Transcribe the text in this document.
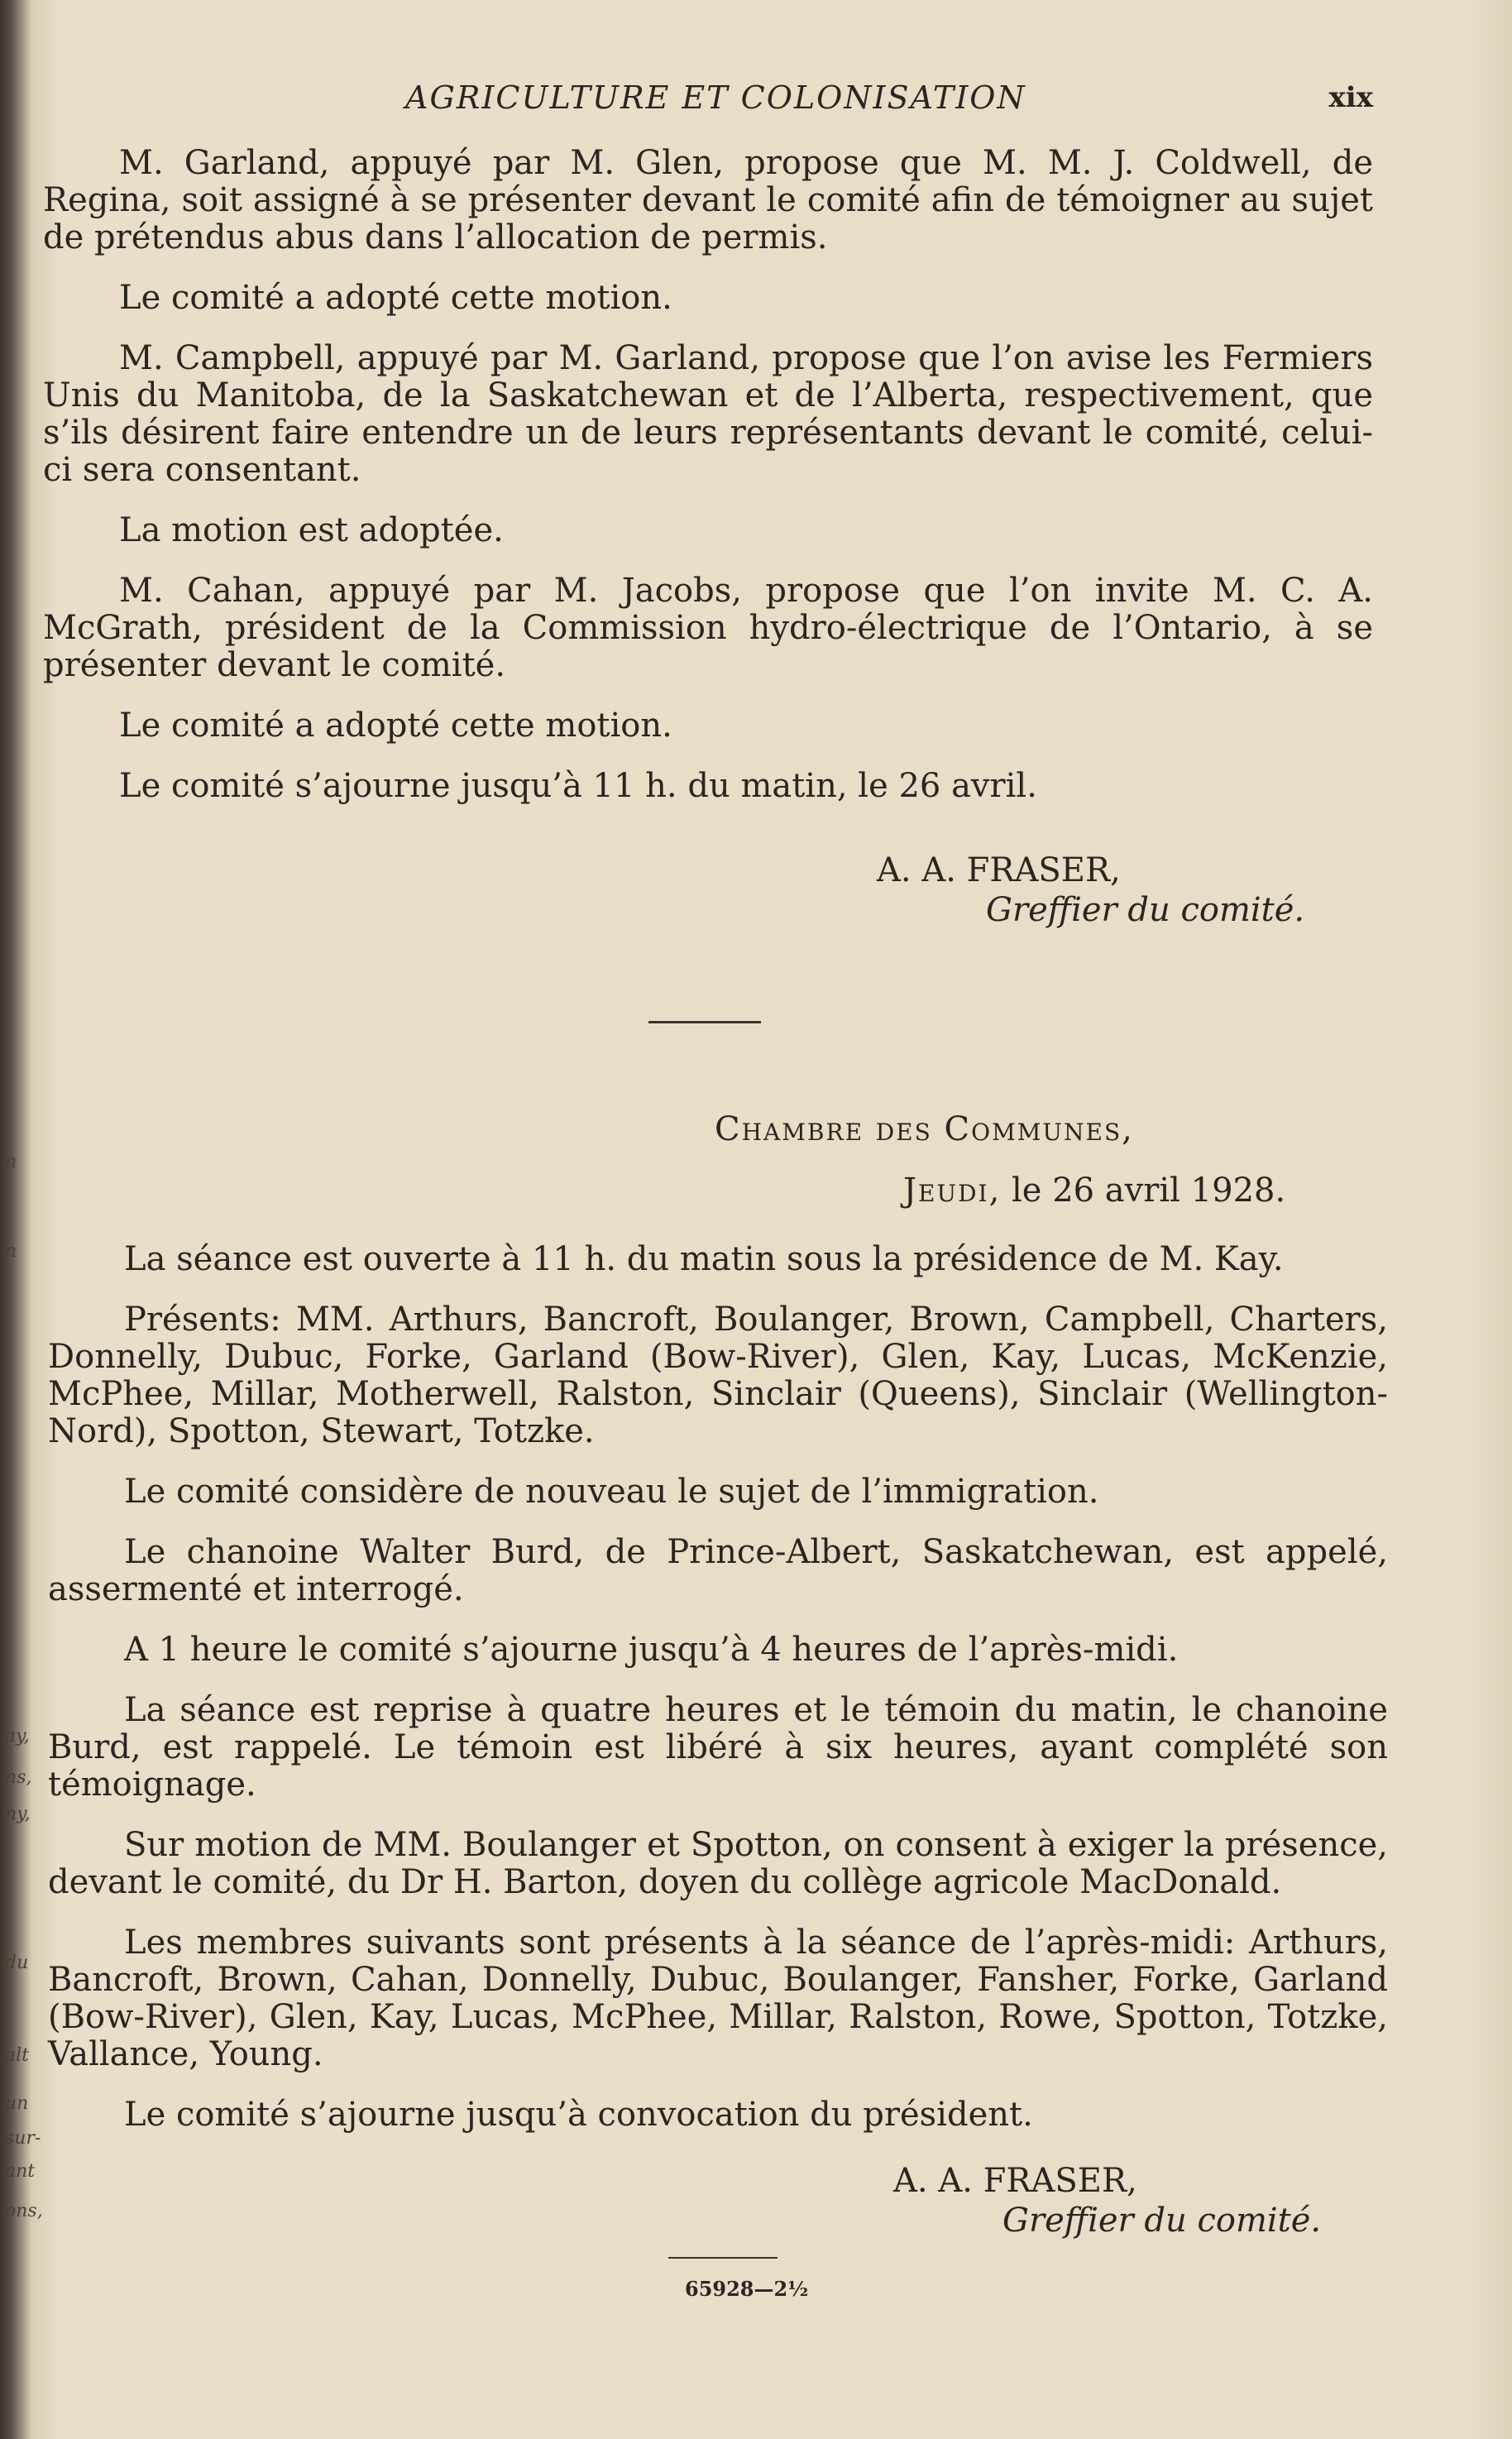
n
n
ay,
ns,
ny,
du
alt
un
sur-
ant
ons,
AGRICULTURE ET COLONISATION	xix

M. Garland, appuyé par M. Glen, propose que M. M. J. Coldwell, de Regina, soit assigné à se présenter devant le comité afin de témoigner au sujet de prétendus abus dans l’allocation de permis.

Le comité a adopté cette motion.

M. Campbell, appuyé par M. Garland, propose que l’on avise les Fermiers Unis du Manitoba, de la Saskatchewan et de l’Alberta, respectivement, que s’ils désirent faire entendre un de leurs représentants devant le comité, celui-ci sera consentant.

La motion est adoptée.

M. Cahan, appuyé par M. Jacobs, propose que l’on invite M. C. A. McGrath, président de la Commission hydro-électrique de l’Ontario, à se présenter devant le comité.

Le comité a adopté cette motion.

Le comité s’ajourne jusqu’à 11 h. du matin, le 26 avril.

A. A. FRASER,
Greffier du comité.
Chambre des Communes,
Jeudi, le 26 avril 1928.

La séance est ouverte à 11 h. du matin sous la présidence de M. Kay.

Présents: MM. Arthurs, Bancroft, Boulanger, Brown, Campbell, Charters, Donnelly, Dubuc, Forke, Garland (Bow-River), Glen, Kay, Lucas, McKenzie, McPhee, Millar, Motherwell, Ralston, Sinclair (Queens), Sinclair (Wellington-Nord), Spotton, Stewart, Totzke.

Le comité considère de nouveau le sujet de l’immigration.

Le chanoine Walter Burd, de Prince-Albert, Saskatchewan, est appelé, assermenté et interrogé.

A 1 heure le comité s’ajourne jusqu’à 4 heures de l’après-midi.

La séance est reprise à quatre heures et le témoin du matin, le chanoine Burd, est rappelé. Le témoin est libéré à six heures, ayant complété son témoignage.

Sur motion de MM. Boulanger et Spotton, on consent à exiger la présence, devant le comité, du Dr H. Barton, doyen du collège agricole MacDonald.

Les membres suivants sont présents à la séance de l’après-midi: Arthurs, Bancroft, Brown, Cahan, Donnelly, Dubuc, Boulanger, Fansher, Forke, Garland (Bow-River), Glen, Kay, Lucas, McPhee, Millar, Ralston, Rowe, Spotton, Totzke, Vallance, Young.

Le comité s’ajourne jusqu’à convocation du président.

A. A. FRASER,
Greffier du comité.
65928—2½
